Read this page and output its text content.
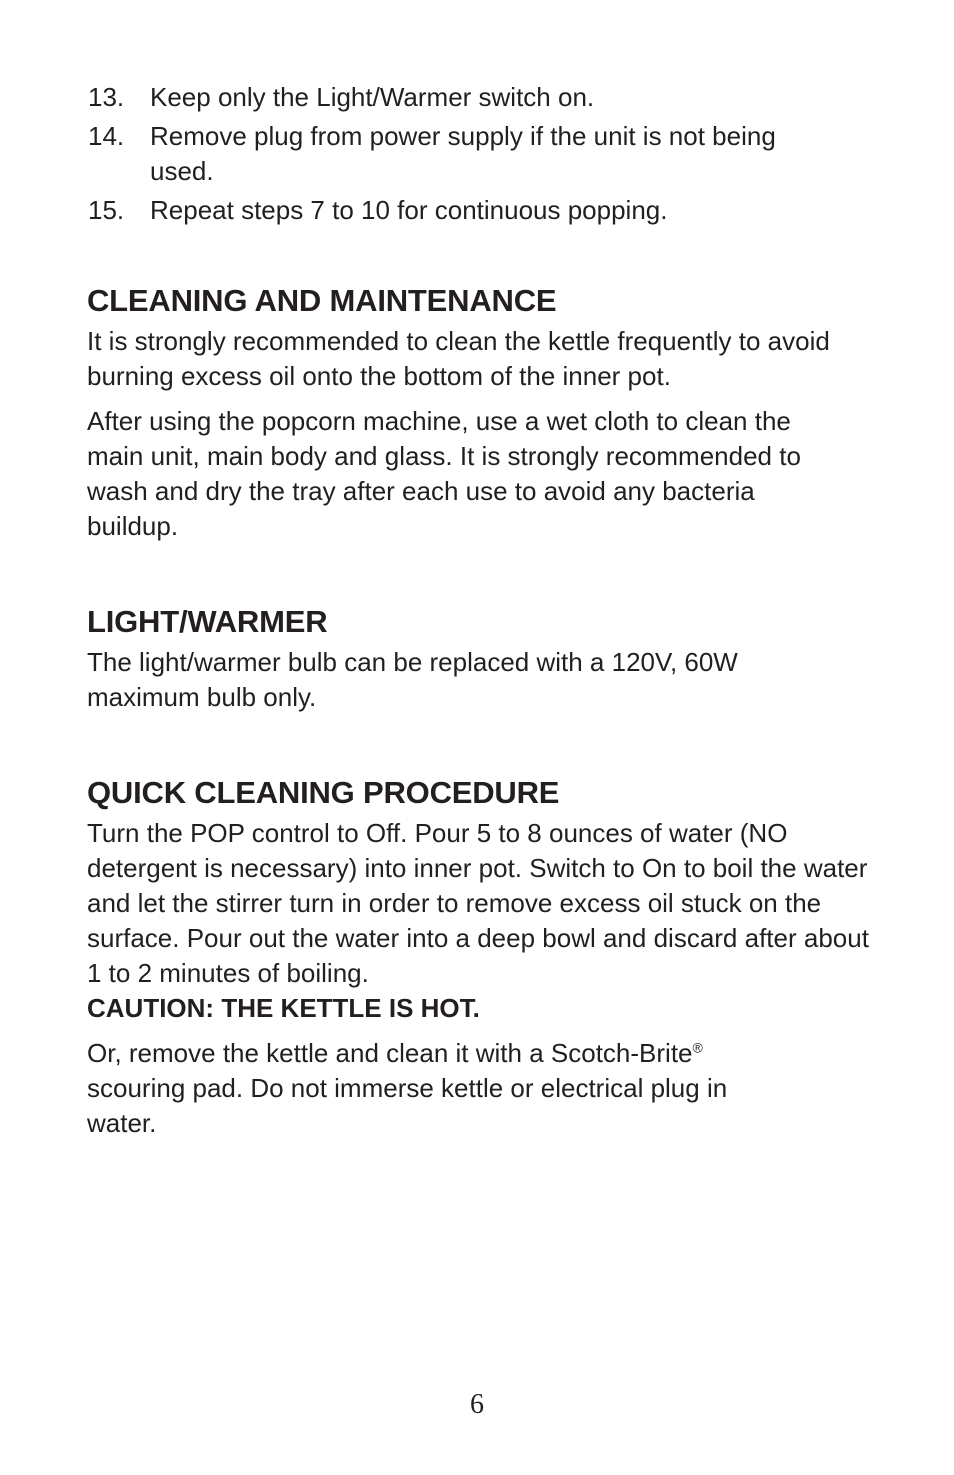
13. Keep only the Light/Warmer switch on.
14. Remove plug from power supply if the unit is not being used.
15. Repeat steps 7 to 10 for continuous popping.
CLEANING AND MAINTENANCE

It is strongly recommended to clean the kettle frequently to avoid burning excess oil onto the bottom of the inner pot.

After using the popcorn machine, use a wet cloth to clean the main unit, main body and glass. It is strongly recommended to wash and dry the tray after each use to avoid any bacteria buildup.

LIGHT/WARMER

The light/warmer bulb can be replaced with a 120V, 60W maximum bulb only.

QUICK CLEANING PROCEDURE

Turn the POP control to Off. Pour 5 to 8 ounces of water (NO detergent is necessary) into inner pot. Switch to On to boil the water and let the stirrer turn in order to remove excess oil stuck on the surface. Pour out the water into a deep bowl and discard after about 1 to 2 minutes of boiling.
CAUTION: THE KETTLE IS HOT.

Or, remove the kettle and clean it with a Scotch-Brite® scouring pad. Do not immerse kettle or electrical plug in water.

6
